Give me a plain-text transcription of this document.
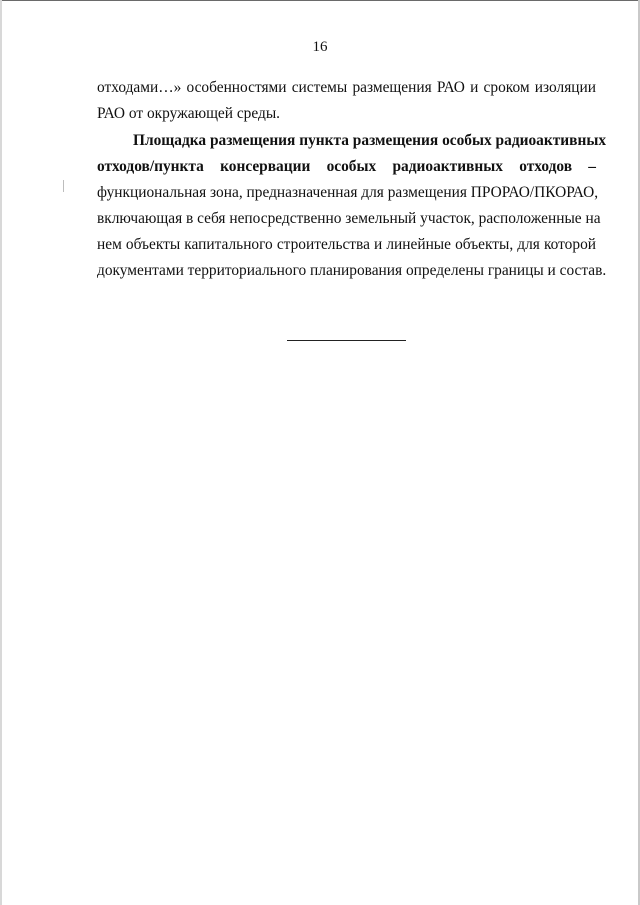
16
отходами…» особенностями системы размещения РАО и сроком изоляции
РАО от окружающей среды.
Площадка размещения пункта размещения особых радиоактивных
отходов/пункта консервации особых радиоактивных отходов –
функциональная зона, предназначенная для размещения ПРОРАО/ПКОРАО,
включающая в себя непосредственно земельный участок, расположенные на
нем объекты капитального строительства и линейные объекты, для которой
документами территориального планирования определены границы и состав.
